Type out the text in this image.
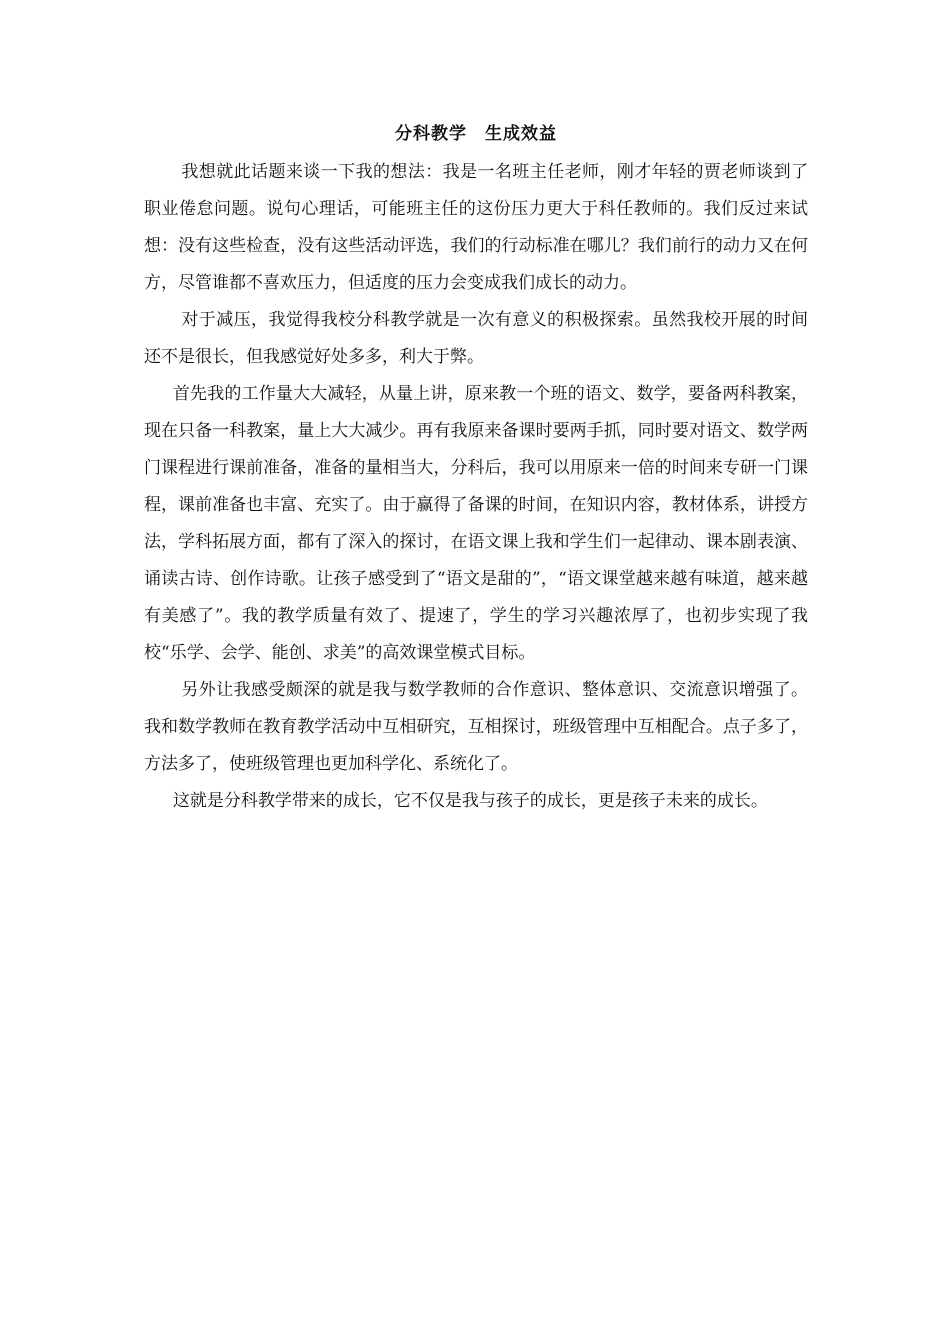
分科教学　生成效益

我想就此话题来谈一下我的想法：我是一名班主任老师，刚才年轻的贾老师谈到了职业倦怠问题。说句心理话，可能班主任的这份压力更大于科任教师的。我们反过来试想：没有这些检查，没有这些活动评选，我们的行动标准在哪儿？我们前行的动力又在何方，尽管谁都不喜欢压力，但适度的压力会变成我们成长的动力。

对于减压，我觉得我校分科教学就是一次有意义的积极探索。虽然我校开展的时间还不是很长，但我感觉好处多多，利大于弊。

首先我的工作量大大减轻，从量上讲，原来教一个班的语文、数学，要备两科教案，现在只备一科教案，量上大大减少。再有我原来备课时要两手抓，同时要对语文、数学两门课程进行课前准备，准备的量相当大，分科后，我可以用原来一倍的时间来专研一门课程，课前准备也丰富、充实了。由于赢得了备课的时间，在知识内容，教材体系，讲授方法，学科拓展方面，都有了深入的探讨，在语文课上我和学生们一起律动、课本剧表演、诵读古诗、创作诗歌。让孩子感受到了“语文是甜的”，“语文课堂越来越有味道，越来越有美感了”。我的教学质量有效了、提速了，学生的学习兴趣浓厚了，也初步实现了我校“乐学、会学、能创、求美”的高效课堂模式目标。

另外让我感受颇深的就是我与数学教师的合作意识、整体意识、交流意识增强了。我和数学教师在教育教学活动中互相研究，互相探讨，班级管理中互相配合。点子多了，方法多了，使班级管理也更加科学化、系统化了。

这就是分科教学带来的成长，它不仅是我与孩子的成长，更是孩子未来的成长。
